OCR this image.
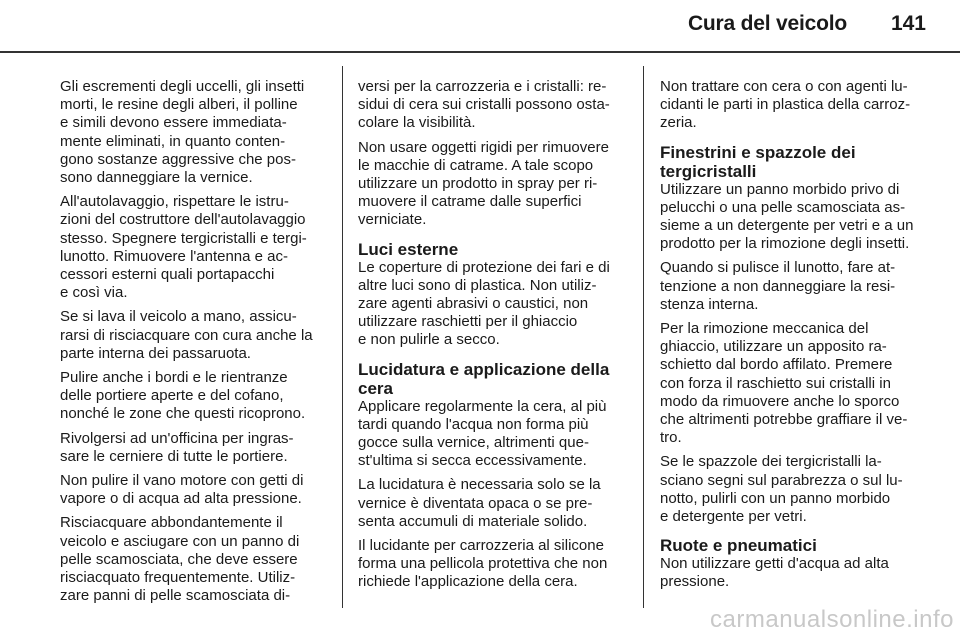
Cura del veicolo 141
Gli escrementi degli uccelli, gli insetti
morti, le resine degli alberi, il polline
e simili devono essere immediata-
mente eliminati, in quanto conten-
gono sostanze aggressive che pos-
sono danneggiare la vernice.
All'autolavaggio, rispettare le istru-
zioni del costruttore dell'autolavaggio
stesso. Spegnere tergicristalli e tergi-
lunotto. Rimuovere l'antenna e ac-
cessori esterni quali portapacchi
e così via.
Se si lava il veicolo a mano, assicu-
rarsi di risciacquare con cura anche la
parte interna dei passaruota.
Pulire anche i bordi e le rientranze
delle portiere aperte e del cofano,
nonché le zone che questi ricoprono.
Rivolgersi ad un'officina per ingras-
sare le cerniere di tutte le portiere.
Non pulire il vano motore con getti di
vapore o di acqua ad alta pressione.
Risciacquare abbondantemente il
veicolo e asciugare con un panno di
pelle scamosciata, che deve essere
risciacquato frequentemente. Utiliz-
zare panni di pelle scamosciata di-
versi per la carrozzeria e i cristalli: re-
sidui di cera sui cristalli possono osta-
colare la visibilità.
Non usare oggetti rigidi per rimuovere
le macchie di catrame. A tale scopo
utilizzare un prodotto in spray per ri-
muovere il catrame dalle superfici
verniciate.
Luci esterne
Le coperture di protezione dei fari e di
altre luci sono di plastica. Non utiliz-
zare agenti abrasivi o caustici, non
utilizzare raschietti per il ghiaccio
e non pulirle a secco.
Lucidatura e applicazione della
cera
Applicare regolarmente la cera, al più
tardi quando l'acqua non forma più
gocce sulla vernice, altrimenti que-
st'ultima si secca eccessivamente.
La lucidatura è necessaria solo se la
vernice è diventata opaca o se pre-
senta accumuli di materiale solido.
Il lucidante per carrozzeria al silicone
forma una pellicola protettiva che non
richiede l'applicazione della cera.
Non trattare con cera o con agenti lu-
cidanti le parti in plastica della carroz-
zeria.
Finestrini e spazzole dei
tergicristalli
Utilizzare un panno morbido privo di
pelucchi o una pelle scamosciata as-
sieme a un detergente per vetri e a un
prodotto per la rimozione degli insetti.
Quando si pulisce il lunotto, fare at-
tenzione a non danneggiare la resi-
stenza interna.
Per la rimozione meccanica del
ghiaccio, utilizzare un apposito ra-
schietto dal bordo affilato. Premere
con forza il raschietto sui cristalli in
modo da rimuovere anche lo sporco
che altrimenti potrebbe graffiare il ve-
tro.
Se le spazzole dei tergicristalli la-
sciano segni sul parabrezza o sul lu-
notto, pulirli con un panno morbido
e detergente per vetri.
Ruote e pneumatici
Non utilizzare getti d'acqua ad alta
pressione.
carmanualsonline.info
